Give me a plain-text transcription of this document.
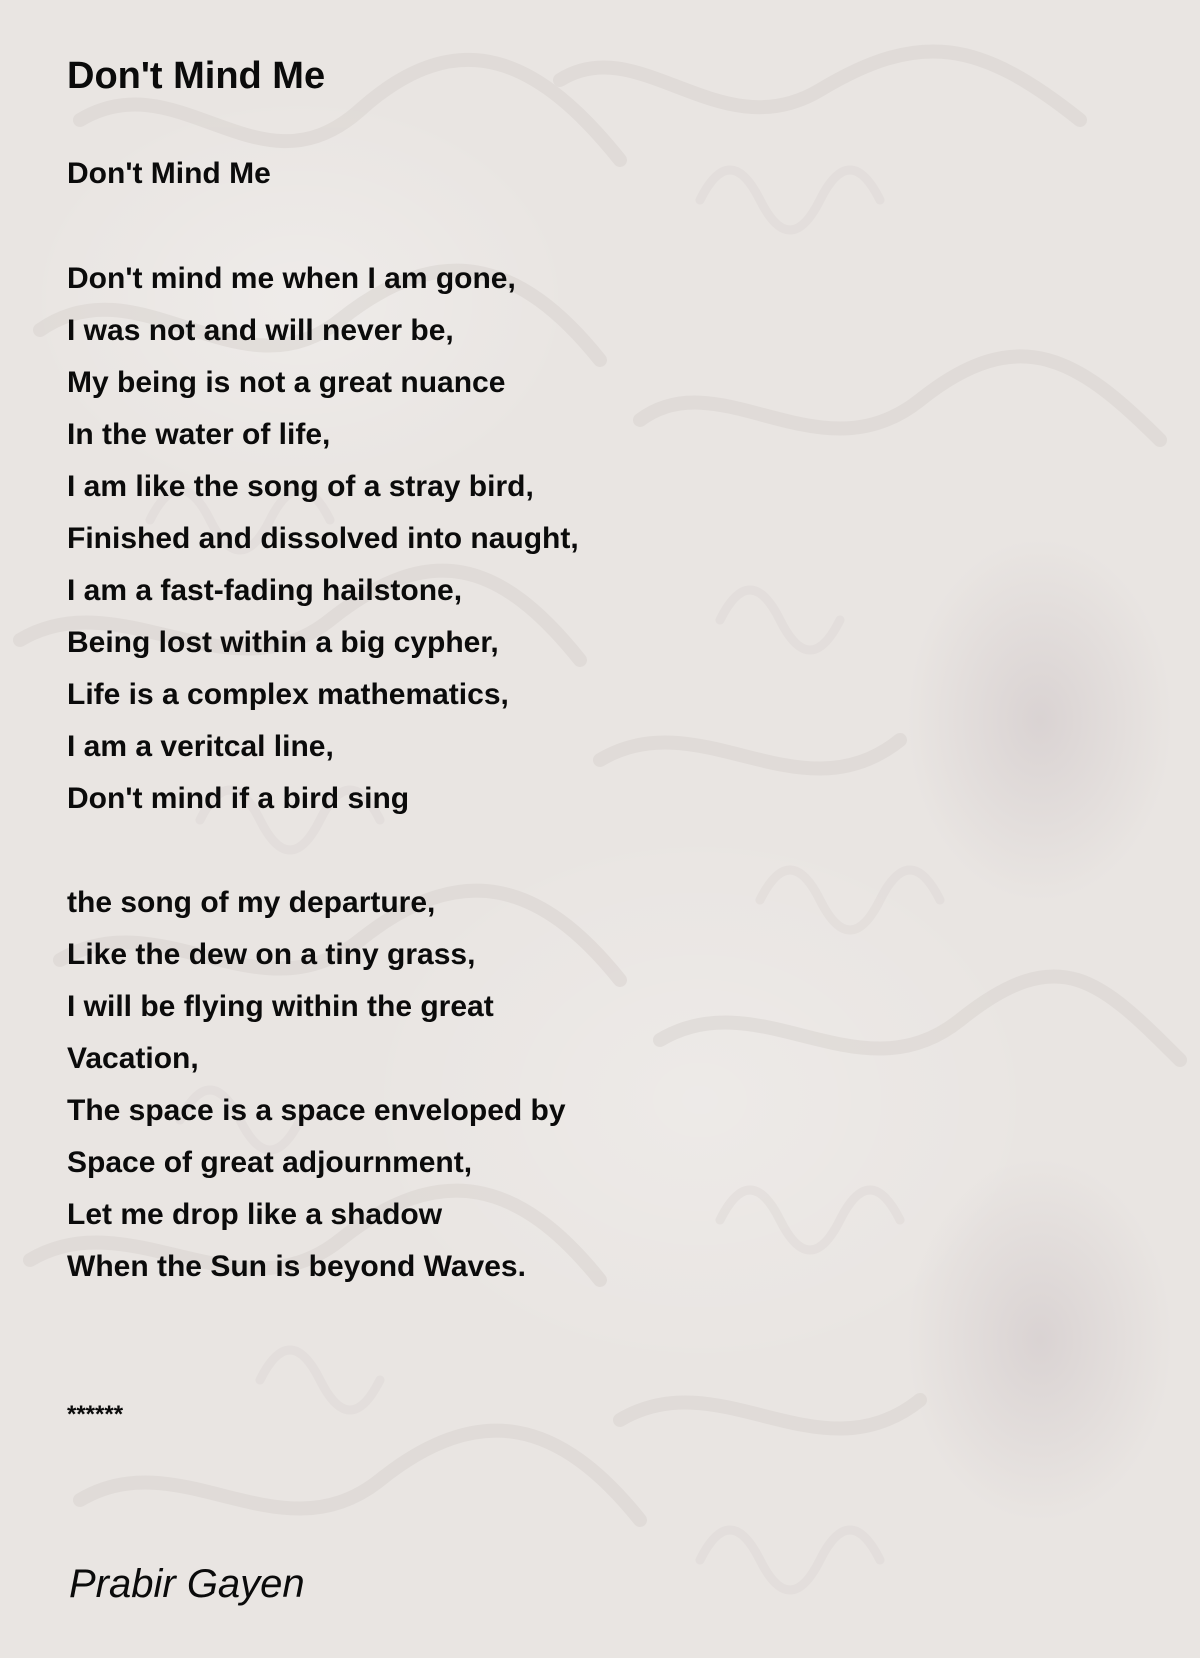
Don't Mind Me
Don't Mind Me
Don't mind me when I am gone,
I was not and will never be,
My being is not a great nuance
In the water of life,
I am like the song of a stray bird,
Finished and dissolved into naught,
I am a fast-fading hailstone,
Being lost within a big cypher,
Life is a complex mathematics,
I am a veritcal line,
Don't mind if a bird sing
the song of my departure,
Like the dew on a tiny grass,
I will be flying within the great
Vacation,
The space is a space enveloped by
Space of great adjournment,
Let me drop like a shadow
When the Sun is beyond Waves.
******
Prabir Gayen
